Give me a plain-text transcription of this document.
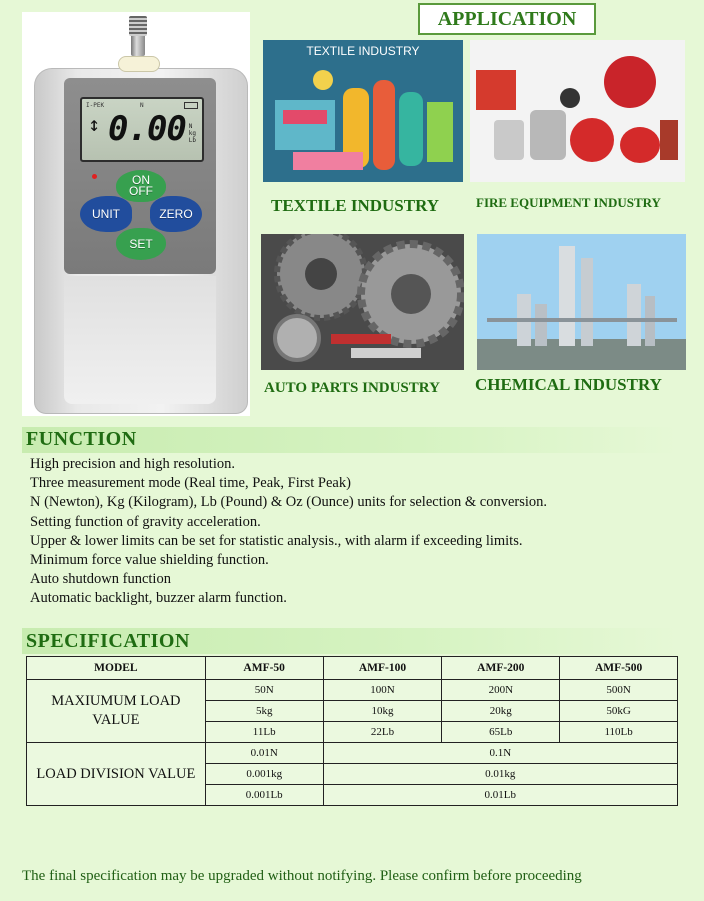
I-PEK	N
↕ 0.00 N
kg
Lb
ON
OFF
UNIT	ZERO
SET
APPLICATION
TEXTILE INDUSTRY
TEXTILE INDUSTRY	FIRE EQUIPMENT INDUSTRY
AUTO PARTS INDUSTRY CHEMICAL INDUSTRY
FUNCTION
High precision and high resolution.
Three measurement mode (Real time, Peak, First Peak)
N (Newton), Kg (Kilogram), Lb (Pound) & Oz (Ounce) units for selection & conversion.
Setting function of gravity acceleration.
Upper & lower limits can be set for statistic analysis., with alarm if exceeding limits.
Minimum force value shielding function.
Auto shutdown function
Automatic backlight, buzzer alarm function.
SPECIFICATION
MODEL	AMF-50	AMF-100	AMF-200	AMF-500
MAXIUMUM LOAD VALUE	50N	100N	200N	500N
	5kg	10kg	20kg	50kG
	11Lb	22Lb	65Lb	110Lb
LOAD DIVISION VALUE	0.01N	0.1N		
	0.001kg	0.01kg		
	0.001Lb	0.01Lb		
The final specification may be upgraded without notifying. Please confirm before proceeding
